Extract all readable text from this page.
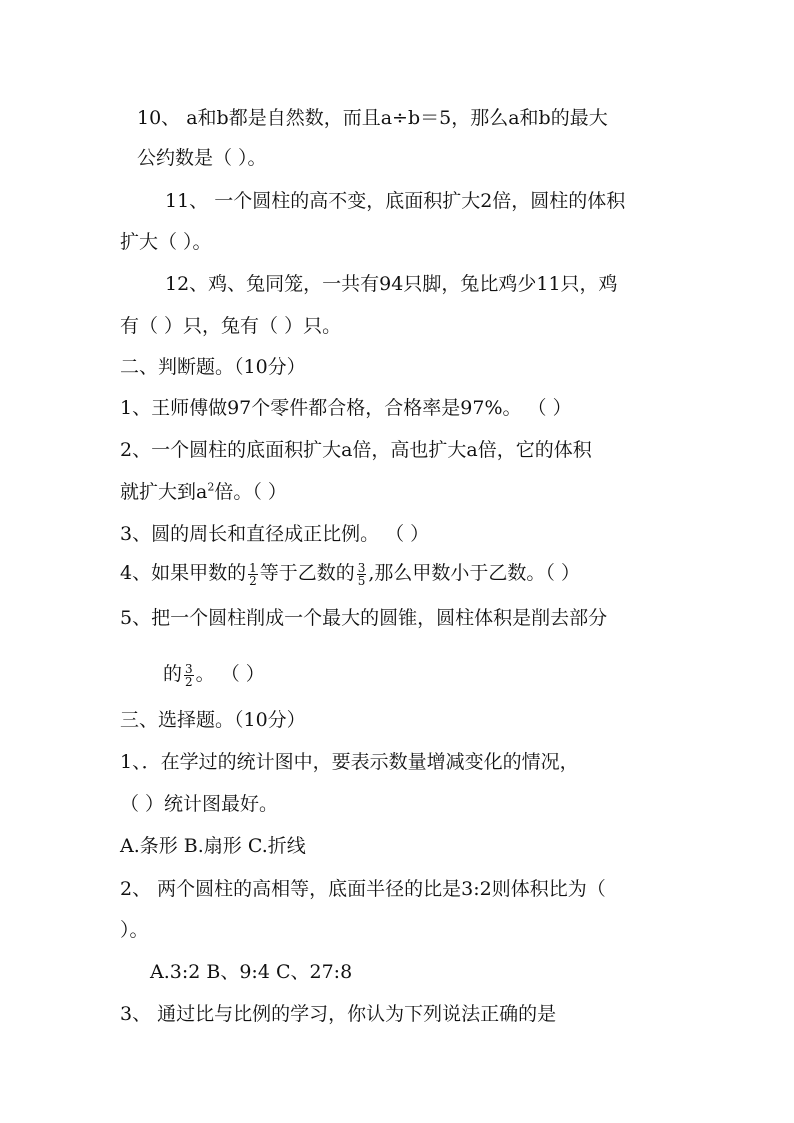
10、 a和b都是自然数，而且a÷b＝5，那么a和b的最大
公约数是（ ）。
11、 一个圆柱的高不变，底面积扩大2倍，圆柱的体积
扩大（ ）。
12、鸡、兔同笼，一共有94只脚，兔比鸡少11只，鸡
有（ ）只，兔有（ ）只。
二、判断题。（10分）
1、王师傅做97个零件都合格，合格率是97%。 （ ）
2、一个圆柱的底面积扩大a倍，高也扩大a倍，它的体积
就扩大到$a^2$倍。（ ）
3、圆的周长和直径成正比例。 （ ）
4、如果甲数的 $\frac{1}{2}$ 等于乙数的 $\frac{3}{5}$ ,那么甲数小于乙数。（ ）
5、把一个圆柱削成一个最大的圆锥，圆柱体积是削去部分
的 $\frac{3}{2}$ 。 （ ）
三、选择题。（10分）
1、．在学过的统计图中，要表示数量增减变化的情况，
（ ）统计图最好。
A.条形 B.扇形 C.折线
2、 两个圆柱的高相等，底面半径的比是3:2则体积比为（
）。
A.3:2 B、9:4 C、27:8
3、 通过比与比例的学习，你认为下列说法正确的是
